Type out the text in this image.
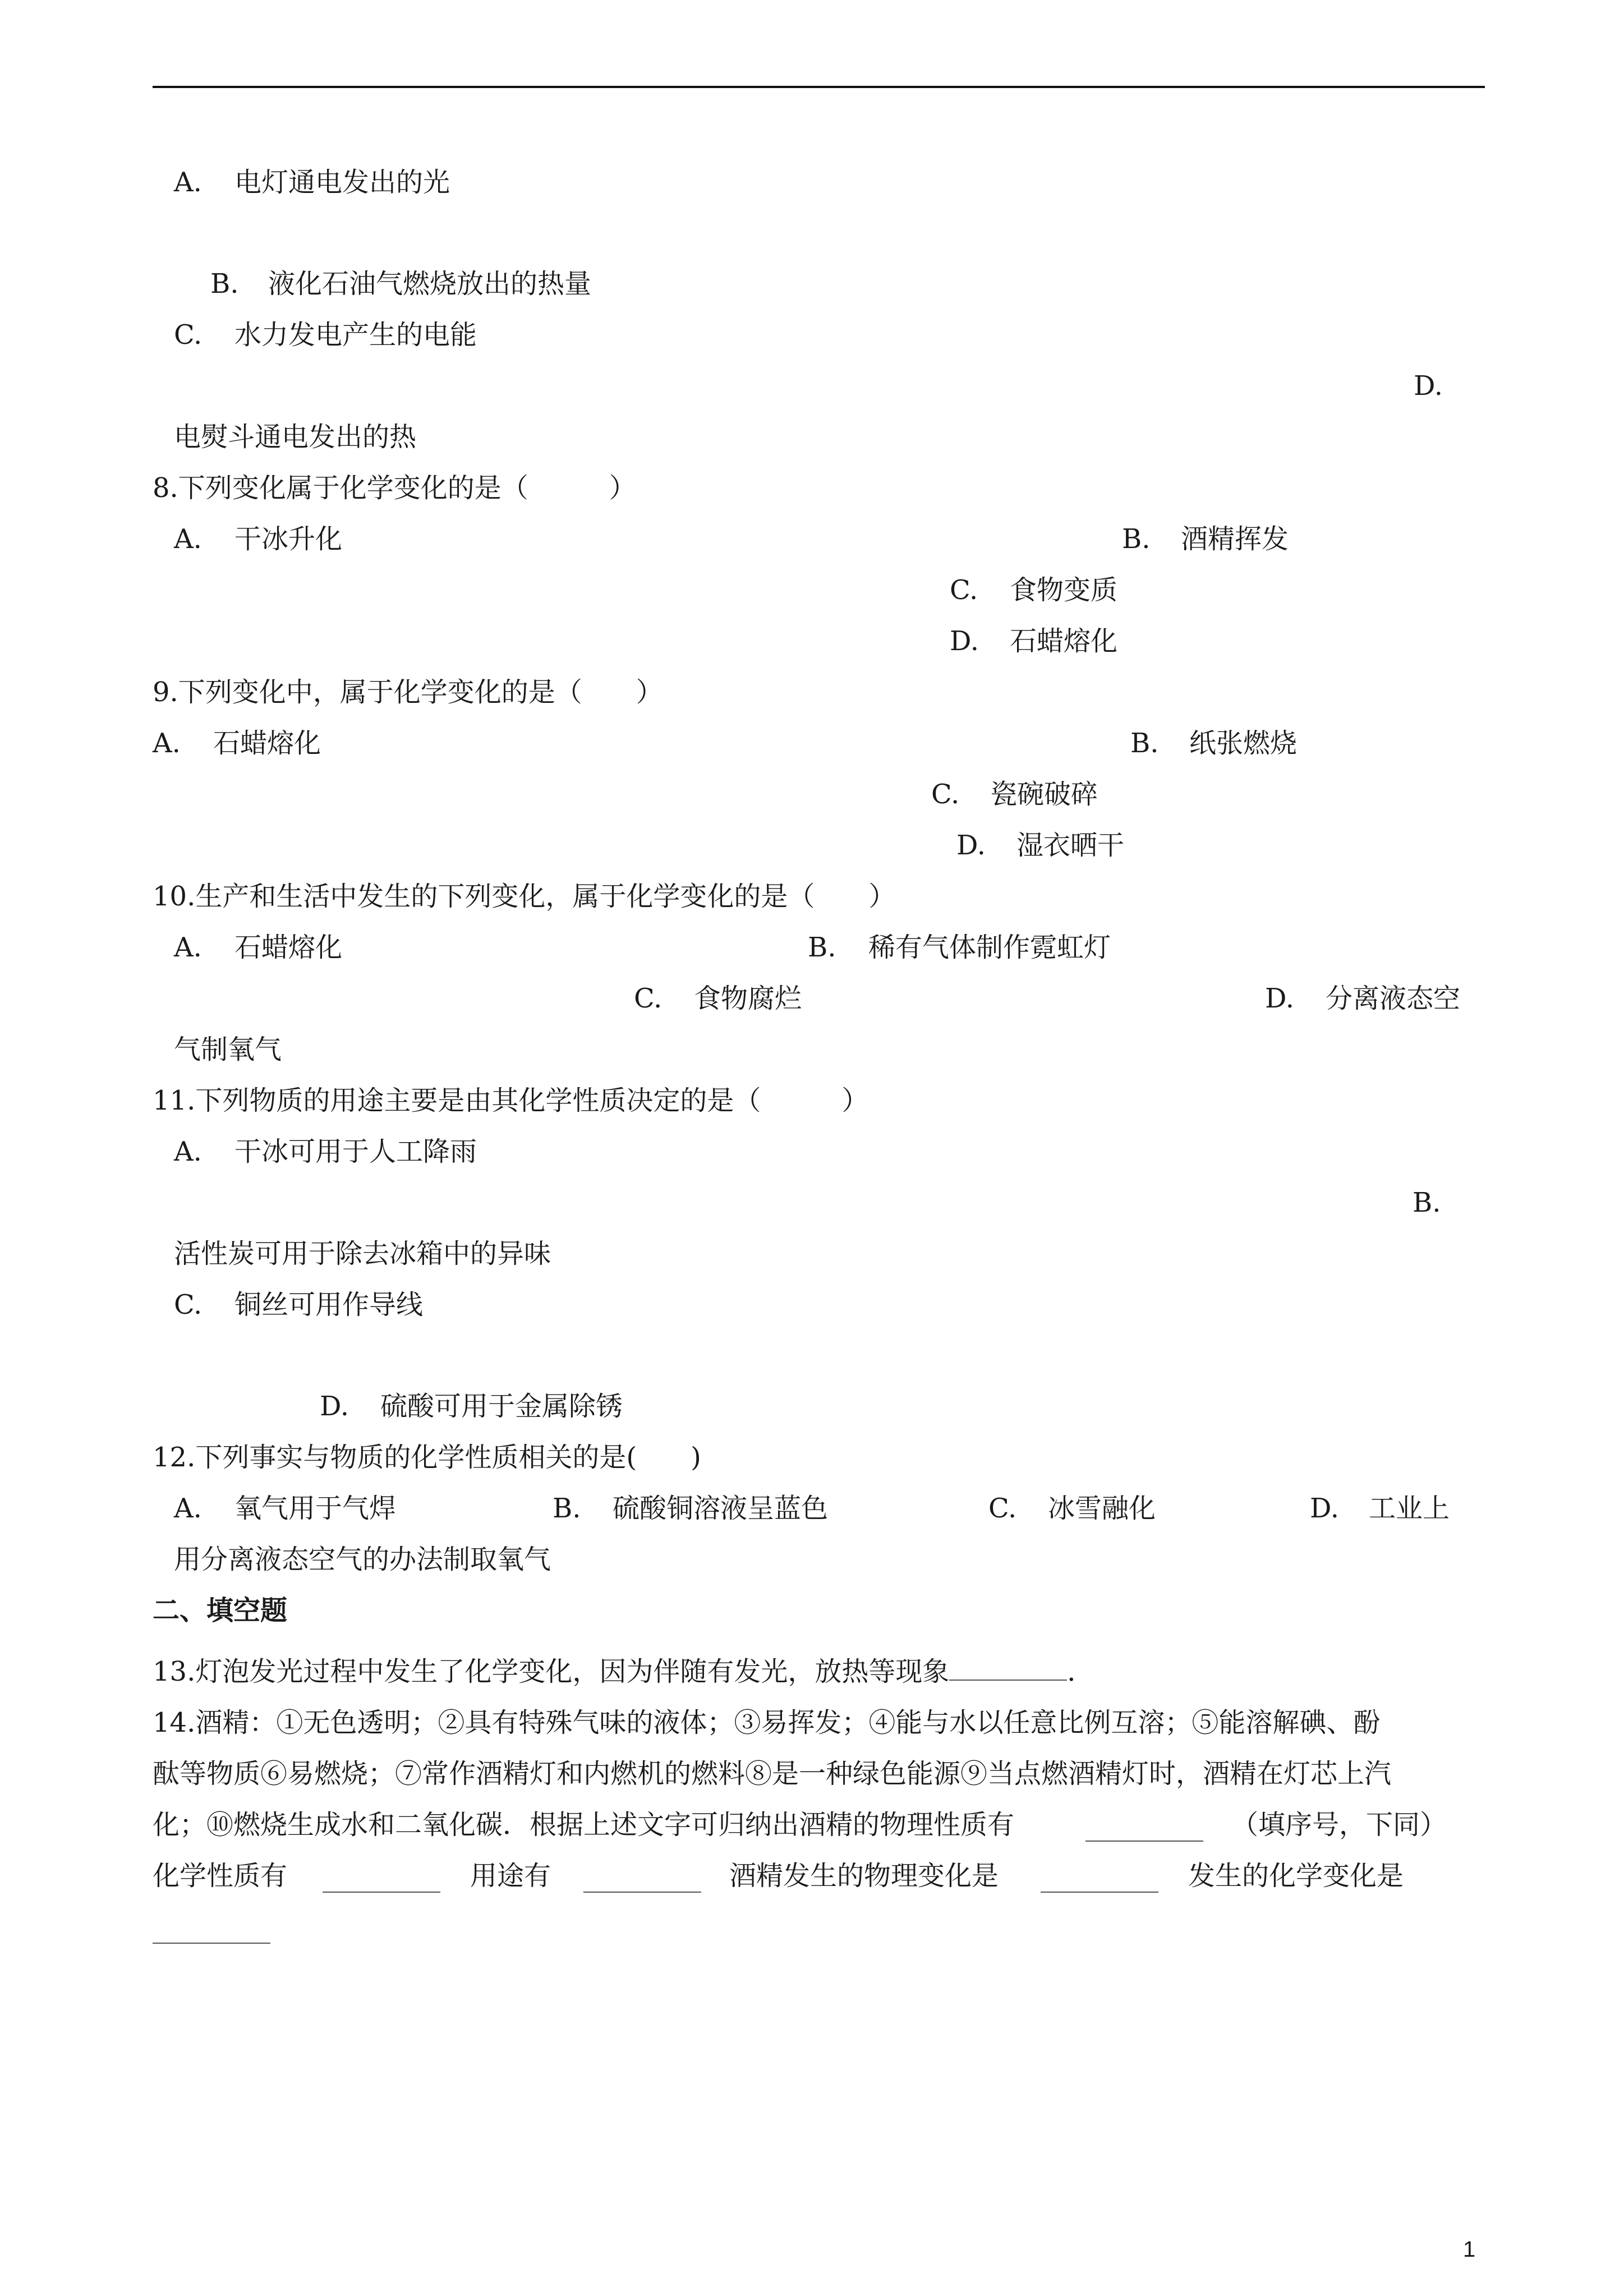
A. 电灯通电发出的光
B. 液化石油气燃烧放出的热量
C. 水力发电产生的电能
D.
电熨斗通电发出的热
8.下列变化属于化学变化的是（　　　）
A. 干冰升化	B. 酒精挥发
C. 食物变质
D. 石蜡熔化
9.下列变化中，属于化学变化的是（　　）
A. 石蜡熔化	B. 纸张燃烧
C. 瓷碗破碎
D. 湿衣晒干
10.生产和生活中发生的下列变化，属于化学变化的是（　　）
A. 石蜡熔化	B. 稀有气体制作霓虹灯
C. 食物腐烂	D. 分离液态空
气制氧气
11.下列物质的用途主要是由其化学性质决定的是（　　　）
A. 干冰可用于人工降雨
B.
活性炭可用于除去冰箱中的异味
C. 铜丝可用作导线
D. 硫酸可用于金属除锈
12.下列事实与物质的化学性质相关的是(　　)
A. 氧气用于气焊	B. 硫酸铜溶液呈蓝色	C. 冰雪融化	D. 工业上
用分离液态空气的办法制取氧气
二、填空题
13.灯泡发光过程中发生了化学变化，因为伴随有发光，放热等现象	．
14.酒精：①无色透明；②具有特殊气味的液体；③易挥发；④能与水以任意比例互溶；⑤能溶解碘、酚
酞等物质⑥易燃烧；⑦常作酒精灯和内燃机的燃料⑧是一种绿色能源⑨当点燃酒精灯时，酒精在灯芯上汽
化；⑩燃烧生成水和二氧化碳．根据上述文字可归纳出酒精的物理性质有	（填序号，下同）
化学性质有	用途有	酒精发生的物理变化是	发生的化学变化是
1
